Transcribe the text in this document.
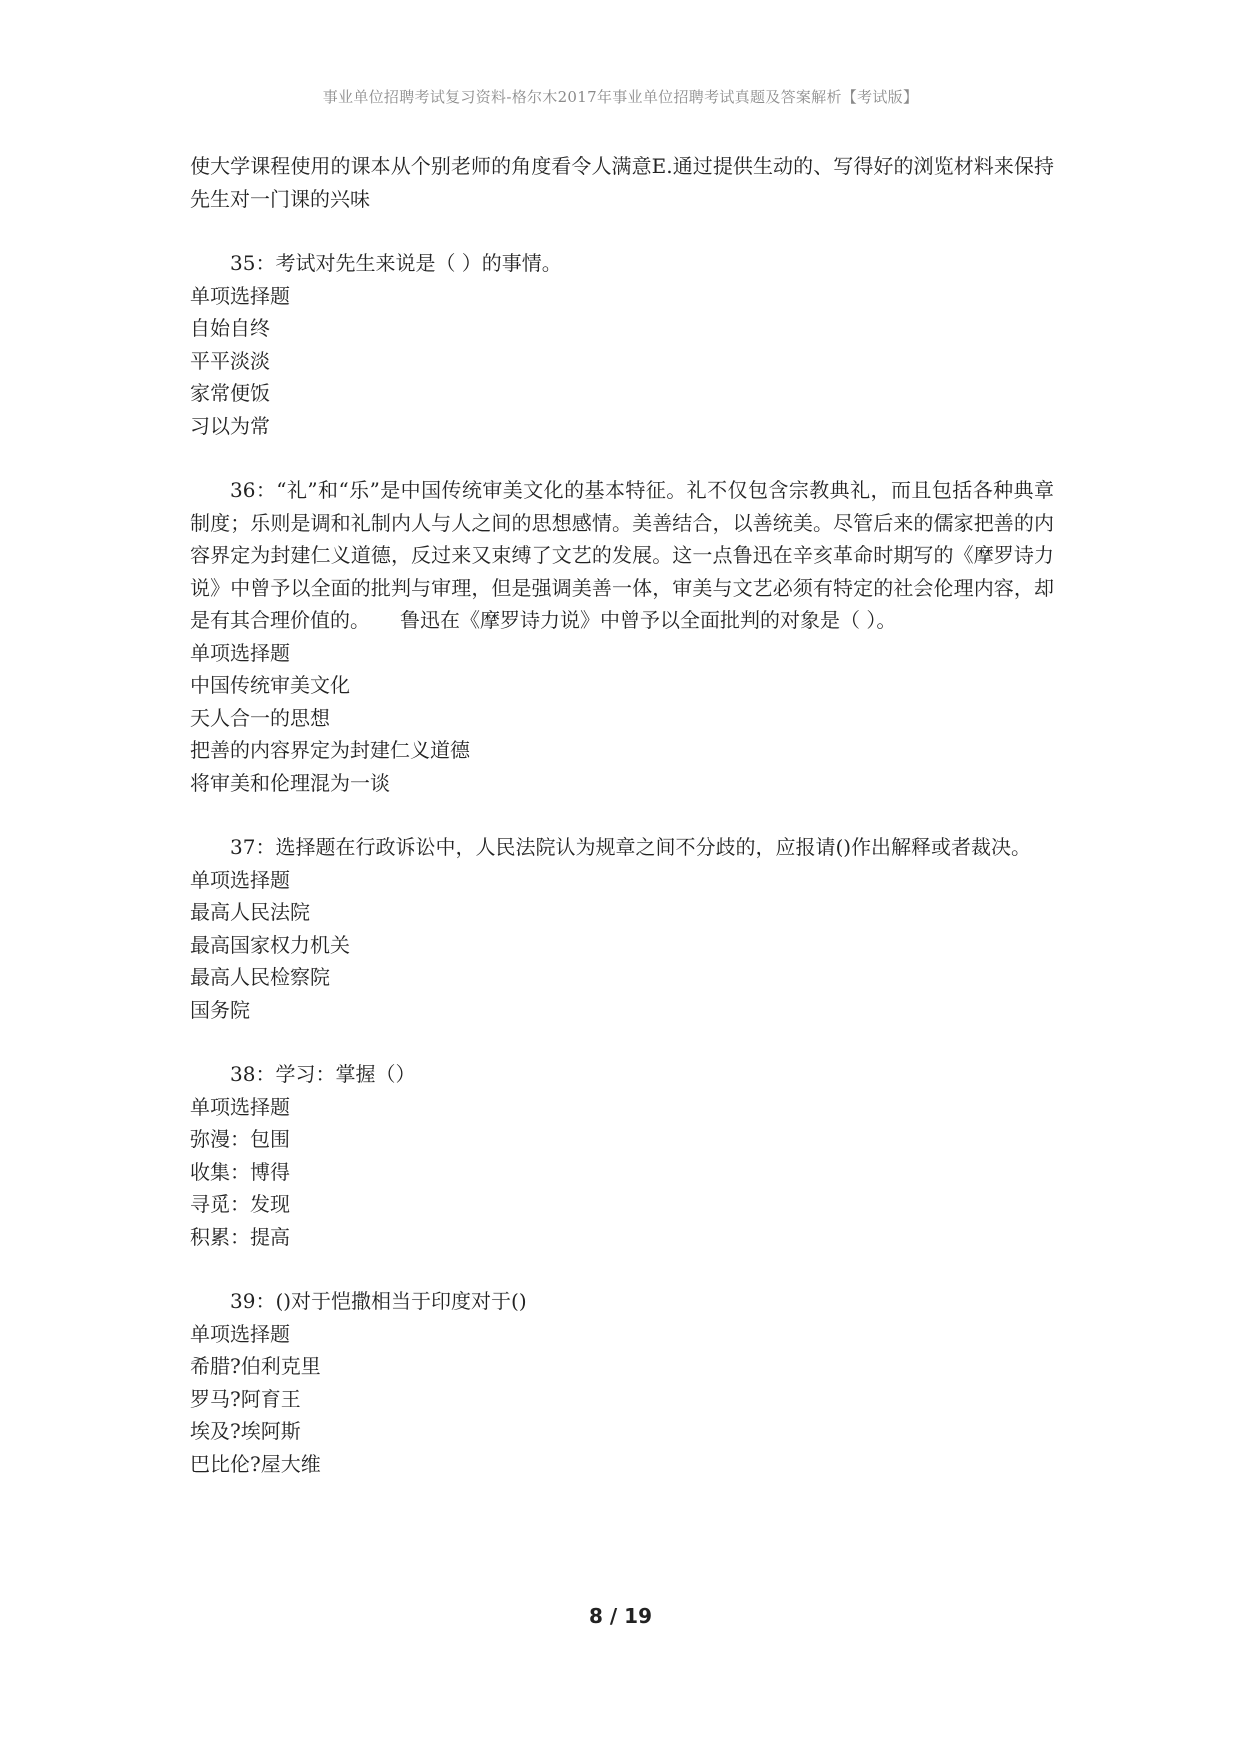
事业单位招聘考试复习资料-格尔木2017年事业单位招聘考试真题及答案解析【考试版】

使大学课程使用的课本从个别老师的角度看令人满意E.通过提供生动的、写得好的浏览材料来保持先生对一门课的兴味

35：考试对先生来说是（ ）的事情。

单项选择题

自始自终

平平淡淡

家常便饭

习以为常

36：“礼”和“乐”是中国传统审美文化的基本特征。礼不仅包含宗教典礼，而且包括各种典章制度；乐则是调和礼制内人与人之间的思想感情。美善结合，以善统美。尽管后来的儒家把善的内容界定为封建仁义道德，反过来又束缚了文艺的发展。这一点鲁迅在辛亥革命时期写的《摩罗诗力说》中曾予以全面的批判与审理，但是强调美善一体，审美与文艺必须有特定的社会伦理内容，却是有其合理价值的。　　鲁迅在《摩罗诗力说》中曾予以全面批判的对象是（ ）。

单项选择题

中国传统审美文化

天人合一的思想

把善的内容界定为封建仁义道德

将审美和伦理混为一谈

37：选择题在行政诉讼中，人民法院认为规章之间不分歧的，应报请()作出解释或者裁决。

单项选择题

最高人民法院

最高国家权力机关

最高人民检察院

国务院

38：学习：掌握（）

单项选择题

弥漫：包围

收集：博得

寻觅：发现

积累：提高

39：()对于恺撒相当于印度对于()

单项选择题

希腊?伯利克里

罗马?阿育王

埃及?埃阿斯

巴比伦?屋大维

8 / 19
